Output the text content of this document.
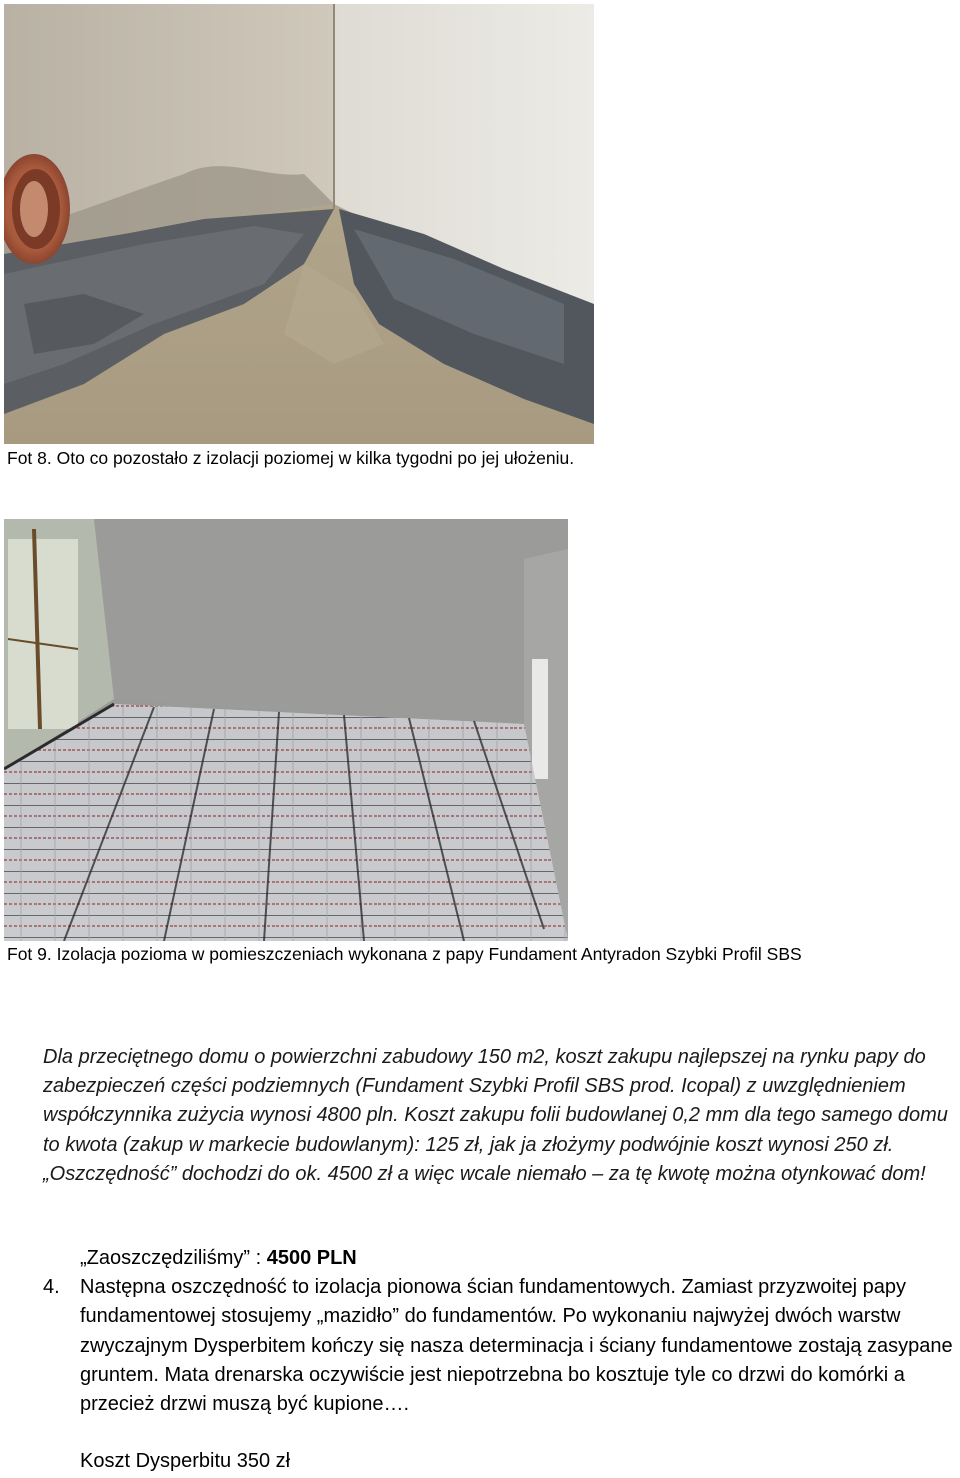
Fot 8. Oto co pozostało z izolacji poziomej w kilka tygodni po jej ułożeniu.
Fot 9. Izolacja pozioma w pomieszczeniach wykonana z papy Fundament Antyradon Szybki Profil SBS

Dla przeciętnego domu o powierzchni zabudowy 150 m2, koszt zakupu najlepszej na rynku papy do zabezpieczeń części podziemnych (Fundament Szybki Profil SBS prod. Icopal) z uwzględnieniem współczynnika zużycia wynosi 4800 pln. Koszt zakupu folii budowlanej 0,2 mm dla tego samego domu to kwota (zakup w markecie budowlanym): 125 zł, jak ja złożymy podwójnie koszt wynosi 250 zł. „Oszczędność” dochodzi do ok. 4500 zł a więc wcale niemało – za tę kwotę można otynkować dom!

„Zaoszczędziliśmy” : 4500 PLN
4. Następna oszczędność to izolacja pionowa ścian fundamentowych. Zamiast przyzwoitej papy fundamentowej stosujemy „mazidło” do fundamentów. Po wykonaniu najwyżej dwóch warstw zwyczajnym Dysperbitem kończy się nasza determinacja i ściany fundamentowe zostają zasypane gruntem. Mata drenarska oczywiście jest niepotrzebna bo kosztuje tyle co drzwi do komórki a przecież drzwi muszą być kupione….
Koszt Dysperbitu 350 zł
